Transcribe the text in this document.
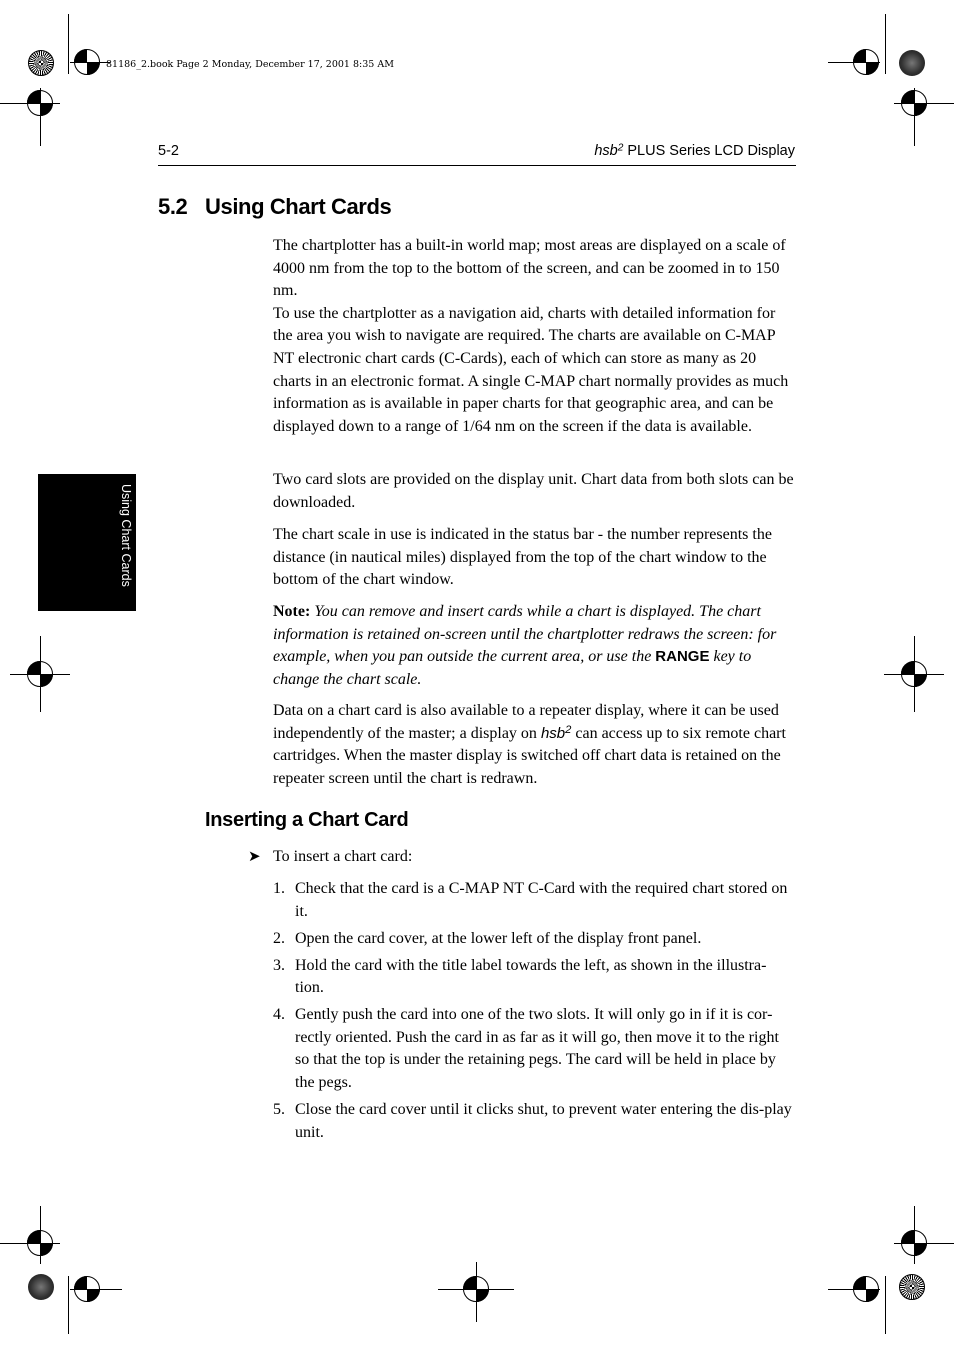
81186_2.book Page 2 Monday, December 17, 2001 8:35 AM
5-2	hsb$^2$ PLUS Series LCD Display
Using Chart Cards
5.2 Using Chart Cards

The chartplotter has a built-in world map; most areas are displayed on a scale of 4000 nm from the top to the bottom of the screen, and can be zoomed in to 150 nm.

To use the chartplotter as a navigation aid, charts with detailed information for the area you wish to navigate are required. The charts are available on C-MAP NT electronic chart cards (C-Cards), each of which can store as many as 20 charts in an electronic format. A single C-MAP chart normally provides as much information as is available in paper charts for that geographic area, and can be displayed down to a range of 1/64 nm on the screen if the data is available.

Two card slots are provided on the display unit. Chart data from both slots can be downloaded.

The chart scale in use is indicated in the status bar - the number represents the distance (in nautical miles) displayed from the top of the chart window to the bottom of the chart window.

Note: You can remove and insert cards while a chart is displayed. The chart information is retained on-screen until the chartplotter redraws the screen: for example, when you pan outside the current area, or use the RANGE key to change the chart scale.

Data on a chart card is also available to a repeater display, where it can be used independently of the master; a display on hsb$^2$ can access up to six remote chart cartridges. When the master display is switched off chart data is retained on the repeater screen until the chart is redrawn.

Inserting a Chart Card
➤ To insert a chart card:
1. Check that the card is a C-MAP NT C-Card with the required chart stored on it.
2. Open the card cover, at the lower left of the display front panel.
3. Hold the card with the title label towards the left, as shown in the illustra-tion.
4. Gently push the card into one of the two slots. It will only go in if it is cor-rectly oriented. Push the card in as far as it will go, then move it to the right so that the top is under the retaining pegs. The card will be held in place by the pegs.
5. Close the card cover until it clicks shut, to prevent water entering the dis-play unit.
